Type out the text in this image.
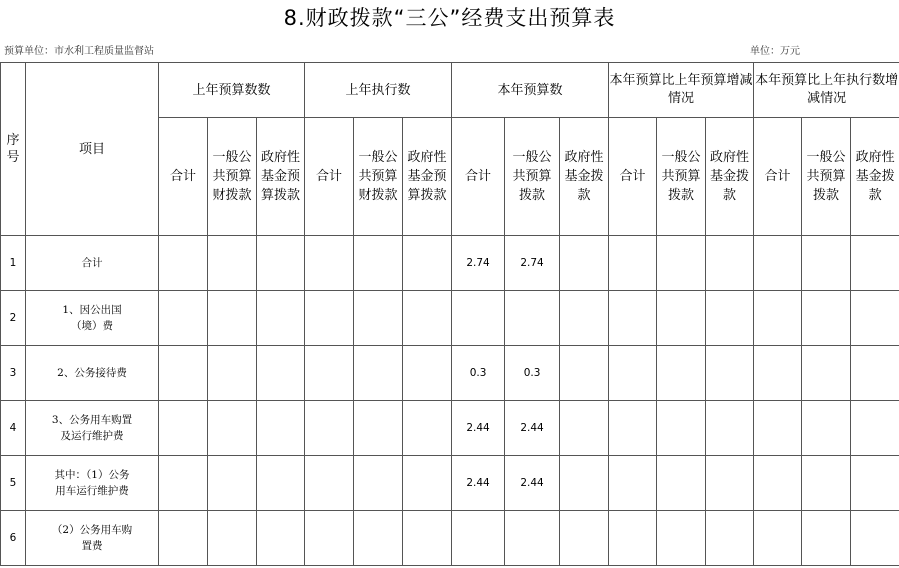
8.财政拨款“三公”经费支出预算表
预算单位：市水利工程质量监督站	单位：万元
序号	项目	上年预算数数			上年执行数			本年预算数			本年预算比上年预算增减情况			本年预算比上年执行数增减情况		
		合计	一般公共预算财拨款	政府性基金预算拨款	合计	一般公共预算财拨款	政府性基金预算拨款	合计	一般公共预算拨款	政府性基金拨款	合计	一般公共预算拨款	政府性基金拨款	合计	一般公共预算拨款	政府性基金拨款
1	合计							2.74	2.74							
2	1、因公出国（境）费															
3	2、公务接待费							0.3	0.3							
4	3、公务用车购置及运行维护费							2.44	2.44							
5	其中：（1）公务用车运行维护费							2.44	2.44							
6	（2）公务用车购置费															
